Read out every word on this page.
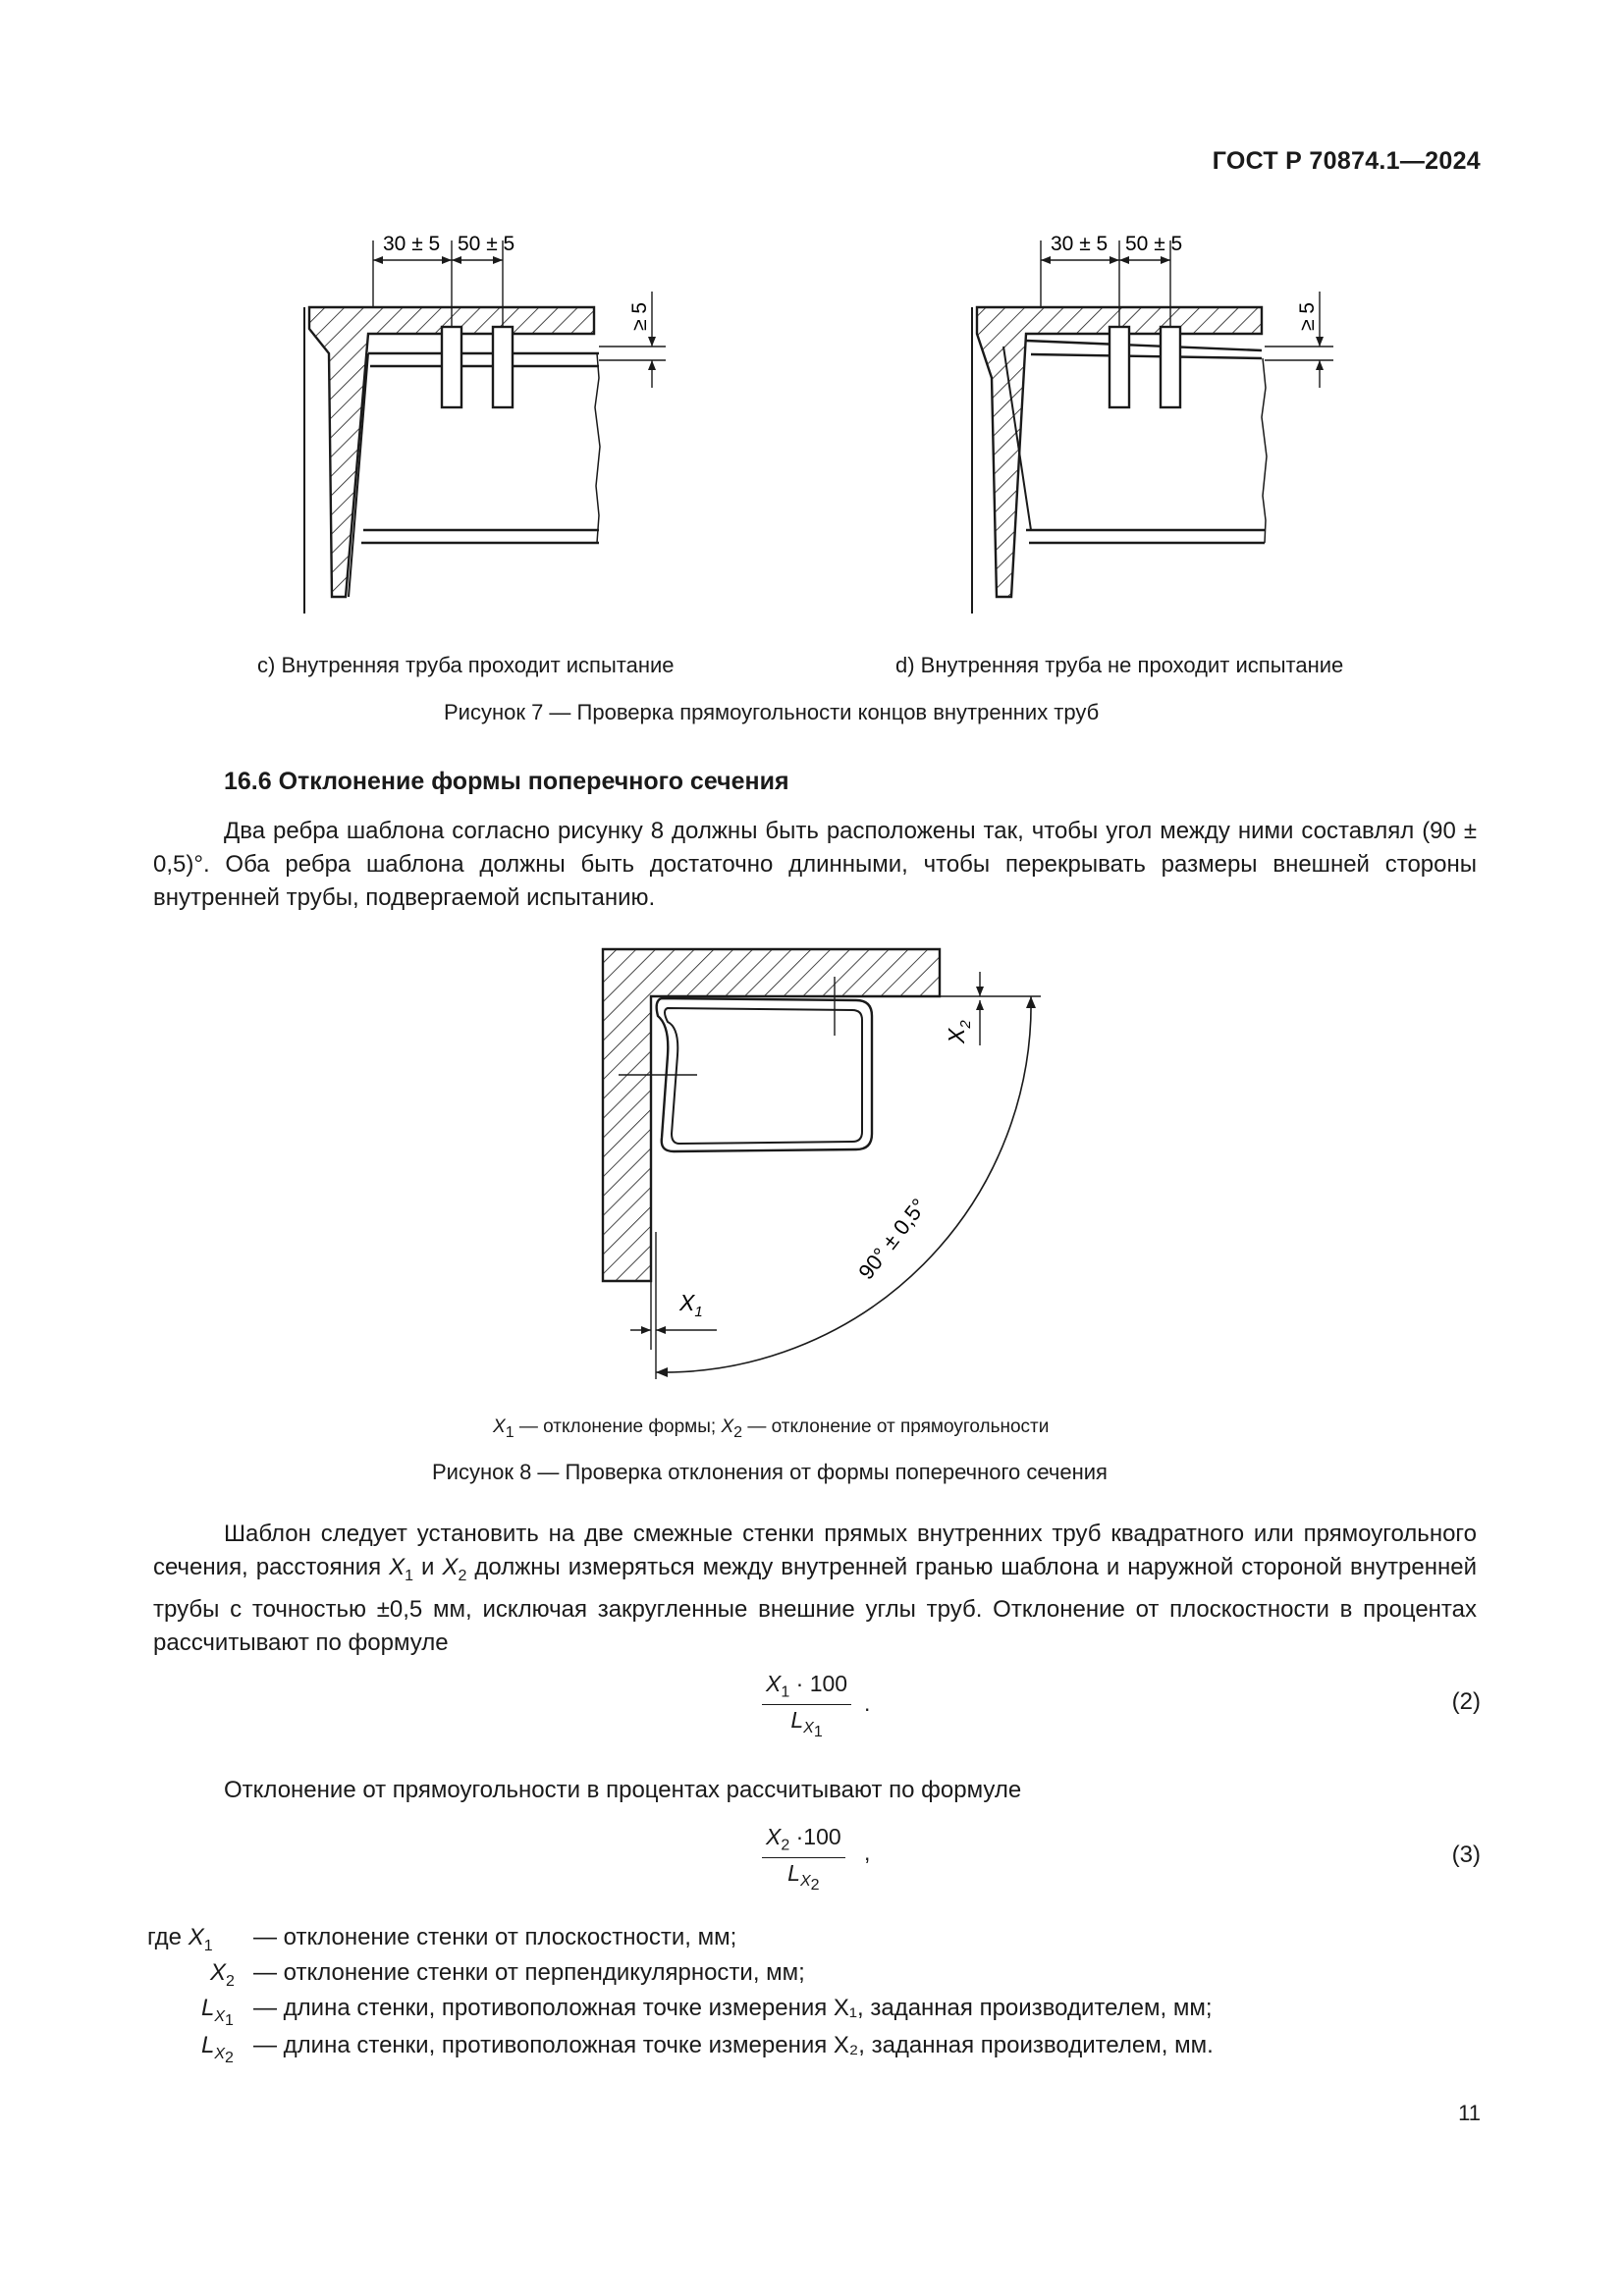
ГОСТ Р 70874.1—2024
30 ± 5 50 ± 5
≥ 5
30 ± 5 50 ± 5
≥ 5
c) Внутренняя труба проходит испытание	d) Внутренняя труба не проходит испытание
Рисунок 7 — Проверка прямоугольности концов внутренних труб
16.6 Отклонение формы поперечного сечения
Два ребра шаблона согласно рисунку 8 должны быть расположены так, чтобы угол между ними составлял (90 ± 0,5)°. Оба ребра шаблона должны быть достаточно длинными, чтобы перекрывать размеры внешней стороны внутренней трубы, подвергаемой испытанию.
$X_2$
$X_1$
90° ± 0,5°
$X_1$ — отклонение формы; $X_2$ — отклонение от прямоугольности
Рисунок 8 — Проверка отклонения от формы поперечного сечения
Шаблон следует установить на две смежные стенки прямых внутренних труб квадратного или прямоугольного сечения, расстояния $X_1$ и $X_2$ должны измеряться между внутренней гранью шаблона и наружной стороной внутренней трубы с точностью ±0,5 мм, исключая закругленные внешние углы труб. Отклонение от плоскостности в процентах рассчитывают по формуле
$\frac{X_1 \cdot 100}{L_{X_1}}$ .	(2)
Отклонение от прямоугольности в процентах рассчитывают по формуле
$\frac{X_2 \cdot 100}{L_{X_2}}$ ,	(3)
где $X_1$ — отклонение стенки от плоскостности, мм;
$X_2$ — отклонение стенки от перпендикулярности, мм;
$L_{X_1}$ — длина стенки, противоположная точке измерения X₁, заданная производителем, мм;
$L_{X_2}$ — длина стенки, противоположная точке измерения X₂, заданная производителем, мм.
11
